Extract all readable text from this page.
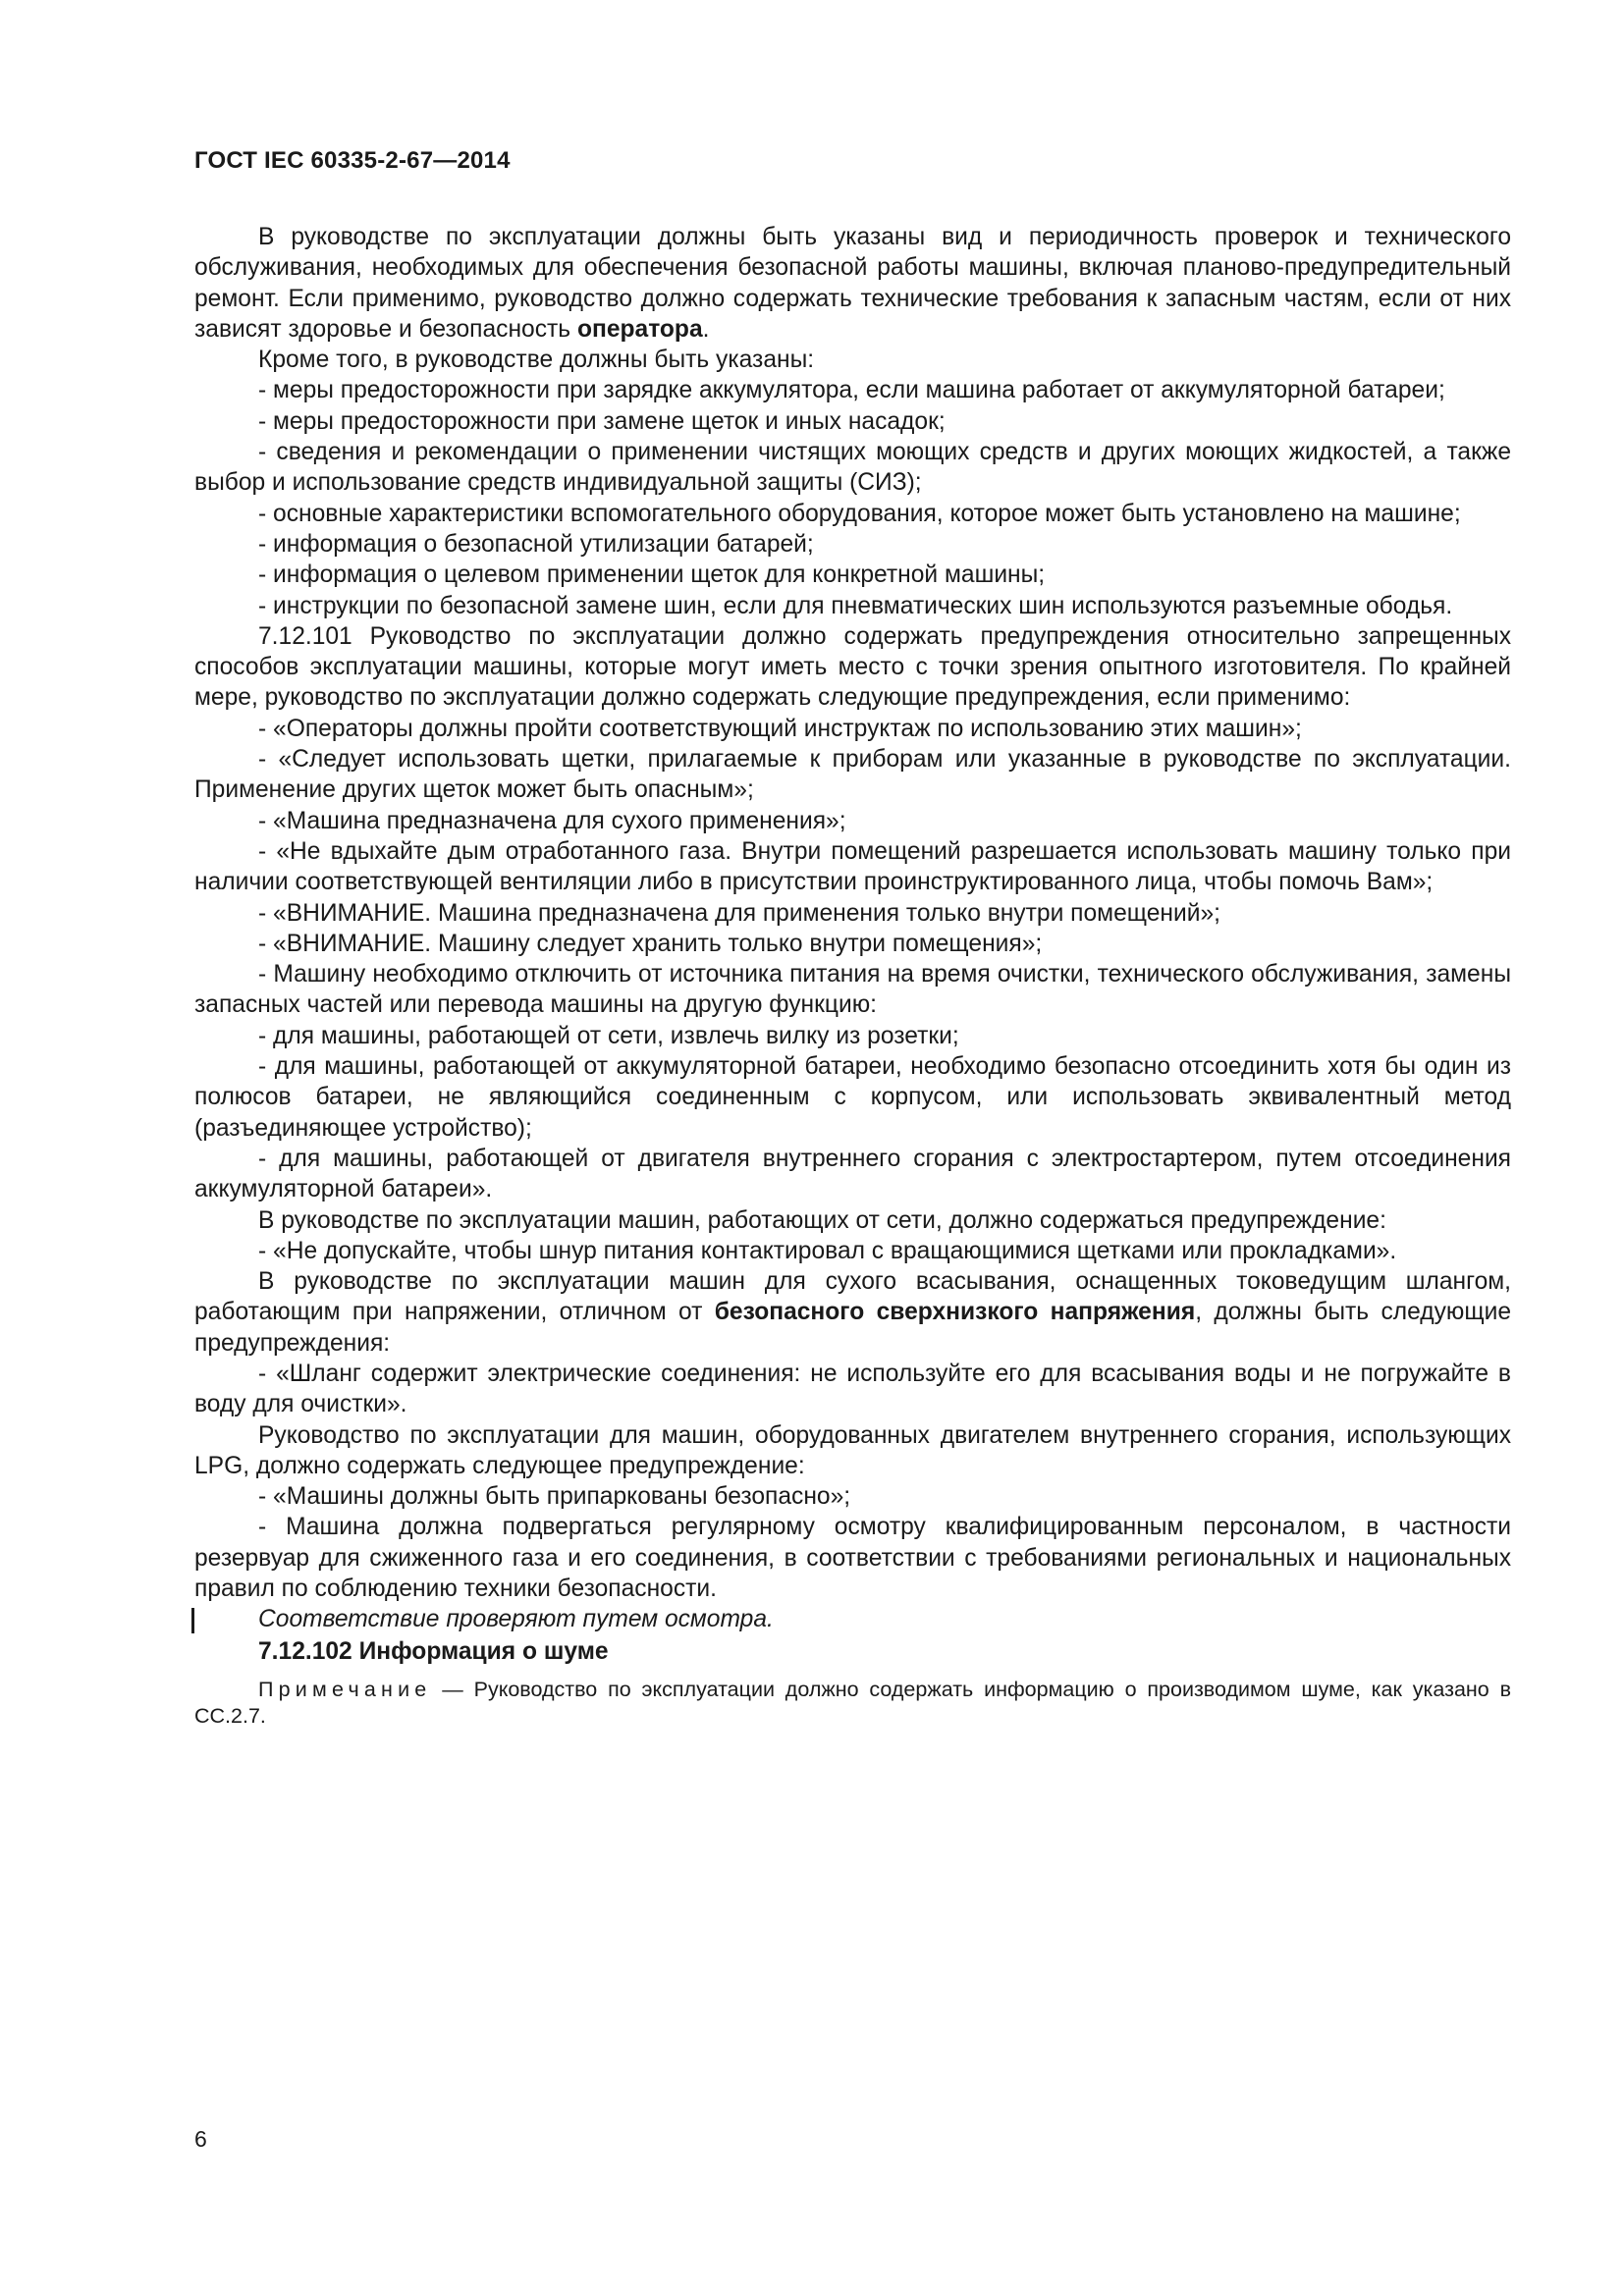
ГОСТ IEC 60335-2-67—2014

В руководстве по эксплуатации должны быть указаны вид и периодичность проверок и технического обслуживания, необходимых для обеспечения безопасной работы машины, включая планово-предупредительный ремонт. Если применимо, руководство должно содержать технические требования к запасным частям, если от них зависят здоровье и безопасность оператора.

Кроме того, в руководстве должны быть указаны:

- меры предосторожности при зарядке аккумулятора, если машина работает от аккумуляторной батареи;

- меры предосторожности при замене щеток и иных насадок;

- сведения и рекомендации о применении чистящих моющих средств и других моющих жидкостей, а также выбор и использование средств индивидуальной защиты (СИЗ);

- основные характеристики вспомогательного оборудования, которое может быть установлено на машине;

- информация о безопасной утилизации батарей;

- информация о целевом применении щеток для конкретной машины;

- инструкции по безопасной замене шин, если для пневматических шин используются разъемные ободья.

7.12.101 Руководство по эксплуатации должно содержать предупреждения относительно запрещенных способов эксплуатации машины, которые могут иметь место с точки зрения опытного изготовителя. По крайней мере, руководство по эксплуатации должно содержать следующие предупреждения, если применимо:

- «Операторы должны пройти соответствующий инструктаж по использованию этих машин»;

- «Следует использовать щетки, прилагаемые к приборам или указанные в руководстве по эксплуатации. Применение других щеток может быть опасным»;

- «Машина предназначена для сухого применения»;

- «Не вдыхайте дым отработанного газа. Внутри помещений разрешается использовать машину только при наличии соответствующей вентиляции либо в присутствии проинструктированного лица, чтобы помочь Вам»;

- «ВНИМАНИЕ. Машина предназначена для применения только внутри помещений»;

- «ВНИМАНИЕ. Машину следует хранить только внутри помещения»;

- Машину необходимо отключить от источника питания на время очистки, технического обслуживания, замены запасных частей или перевода машины на другую функцию:

- для машины, работающей от сети, извлечь вилку из розетки;

- для машины, работающей от аккумуляторной батареи, необходимо безопасно отсоединить хотя бы один из полюсов батареи, не являющийся соединенным с корпусом, или использовать эквивалентный метод (разъединяющее устройство);

- для машины, работающей от двигателя внутреннего сгорания с электростартером, путем отсоединения аккумуляторной батареи».

В руководстве по эксплуатации машин, работающих от сети, должно содержаться предупреждение:

- «Не допускайте, чтобы шнур питания контактировал с вращающимися щетками или прокладками».

В руководстве по эксплуатации машин для сухого всасывания, оснащенных токоведущим шлангом, работающим при напряжении, отличном от безопасного сверхнизкого напряжения, должны быть следующие предупреждения:

- «Шланг содержит электрические соединения: не используйте его для всасывания воды и не погружайте в воду для очистки».

Руководство по эксплуатации для машин, оборудованных двигателем внутреннего сгорания, использующих LPG, должно содержать следующее предупреждение:

- «Машины должны быть припаркованы безопасно»;

- Машина должна подвергаться регулярному осмотру квалифицированным персоналом, в частности резервуар для сжиженного газа и его соединения, в соответствии с требованиями региональных и национальных правил по соблюдению техники безопасности.

Соответствие проверяют путем осмотра.

7.12.102 Информация о шуме

Примечание — Руководство по эксплуатации должно содержать информацию о производимом шуме, как указано в СС.2.7.

6
